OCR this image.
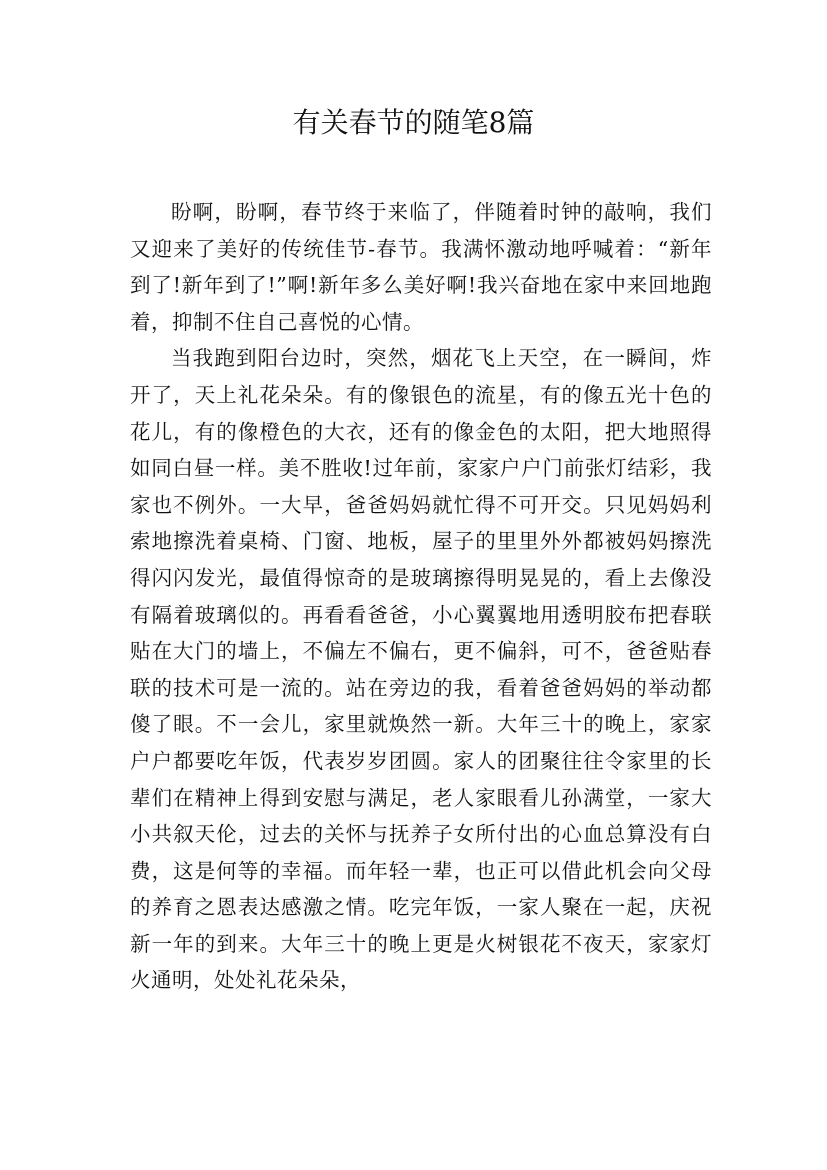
有关春节的随笔8篇

盼啊，盼啊，春节终于来临了，伴随着时钟的敲响，我们又迎来了美好的传统佳节-春节。我满怀激动地呼喊着：“新年到了!新年到了!”啊!新年多么美好啊!我兴奋地在家中来回地跑着，抑制不住自己喜悦的心情。

当我跑到阳台边时，突然，烟花飞上天空，在一瞬间，炸开了，天上礼花朵朵。有的像银色的流星，有的像五光十色的花儿，有的像橙色的大衣，还有的像金色的太阳，把大地照得如同白昼一样。美不胜收!过年前，家家户户门前张灯结彩，我家也不例外。一大早，爸爸妈妈就忙得不可开交。只见妈妈利索地擦洗着桌椅、门窗、地板，屋子的里里外外都被妈妈擦洗得闪闪发光，最值得惊奇的是玻璃擦得明晃晃的，看上去像没有隔着玻璃似的。再看看爸爸，小心翼翼地用透明胶布把春联贴在大门的墙上，不偏左不偏右，更不偏斜，可不，爸爸贴春联的技术可是一流的。站在旁边的我，看着爸爸妈妈的举动都傻了眼。不一会儿，家里就焕然一新。大年三十的晚上，家家户户都要吃年饭，代表岁岁团圆。家人的团聚往往令家里的长辈们在精神上得到安慰与满足，老人家眼看儿孙满堂，一家大小共叙天伦，过去的关怀与抚养子女所付出的心血总算没有白费，这是何等的幸福。而年轻一辈，也正可以借此机会向父母的养育之恩表达感激之情。吃完年饭，一家人聚在一起，庆祝新一年的到来。大年三十的晚上更是火树银花不夜天，家家灯火通明，处处礼花朵朵，
